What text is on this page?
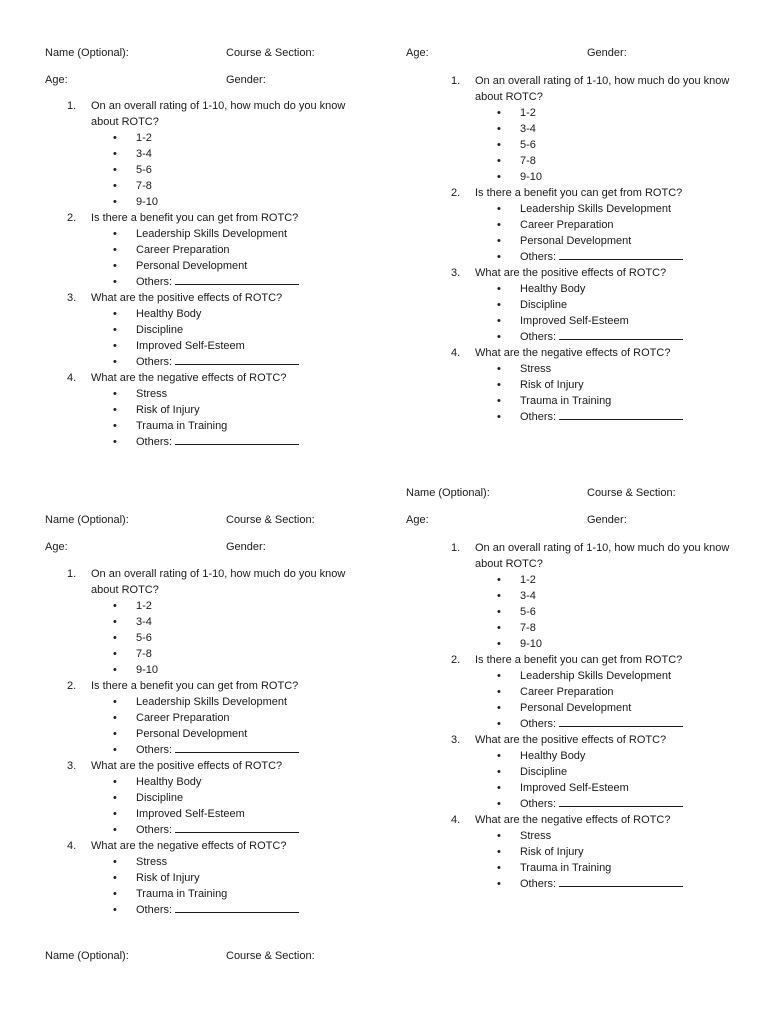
Name (Optional):	Course & Section:
Age:	Gender:
1. On an overall rating of 1-10, how much do you know about ROTC?
• 1-2
• 3-4
• 5-6
• 7-8
• 9-10
2. Is there a benefit you can get from ROTC?
• Leadership Skills Development
• Career Preparation
• Personal Development
• Others:
3. What are the positive effects of ROTC?
• Healthy Body
• Discipline
• Improved Self-Esteem
• Others:
4. What are the negative effects of ROTC?
• Stress
• Risk of Injury
• Trauma in Training
• Others:
Age:	Gender:
1. On an overall rating of 1-10, how much do you know about ROTC?
• 1-2
• 3-4
• 5-6
• 7-8
• 9-10
2. Is there a benefit you can get from ROTC?
• Leadership Skills Development
• Career Preparation
• Personal Development
• Others:
3. What are the positive effects of ROTC?
• Healthy Body
• Discipline
• Improved Self-Esteem
• Others:
4. What are the negative effects of ROTC?
• Stress
• Risk of Injury
• Trauma in Training
• Others:
Name (Optional):	Course & Section:
Name (Optional):	Course & Section:
Age:	Gender:
1. On an overall rating of 1-10, how much do you know about ROTC?
• 1-2
• 3-4
• 5-6
• 7-8
• 9-10
2. Is there a benefit you can get from ROTC?
• Leadership Skills Development
• Career Preparation
• Personal Development
• Others:
3. What are the positive effects of ROTC?
• Healthy Body
• Discipline
• Improved Self-Esteem
• Others:
4. What are the negative effects of ROTC?
• Stress
• Risk of Injury
• Trauma in Training
• Others:
Age:	Gender:
1. On an overall rating of 1-10, how much do you know about ROTC?
• 1-2
• 3-4
• 5-6
• 7-8
• 9-10
2. Is there a benefit you can get from ROTC?
• Leadership Skills Development
• Career Preparation
• Personal Development
• Others:
3. What are the positive effects of ROTC?
• Healthy Body
• Discipline
• Improved Self-Esteem
• Others:
4. What are the negative effects of ROTC?
• Stress
• Risk of Injury
• Trauma in Training
• Others:
Name (Optional):	Course & Section:
